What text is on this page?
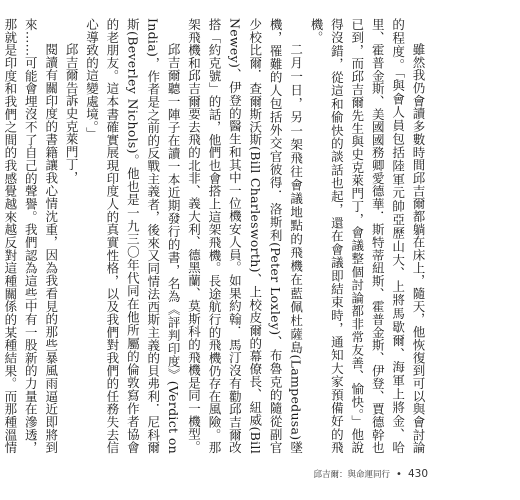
雖然我仍會讀多數時間邱吉爾都躺在床上，隨天，他恢復到可以與會討論的程度。「與會人員包括陸軍元帥亞歷山大、上將馬歇爾、海軍上將金、哈里、霍普金斯、美國國務卿愛德華．斯特蒂紐斯、霍普金斯、伊登、賈德幹也已到，而邱吉爾先生與史克萊門丁，會議整個討論都非常友善、愉快。」他說得沒錯，從這和偷快的談話也起，還在會議即結束時，通知大家預備好的飛機。

二月一日，另一架飛往會議地點的飛機在藍佩杜薩島(Lampedusa)墜機，罹難的人包括外交官彼得．洛斯利(Peter Loxley)、布魯克的隨從副官少校比爾．查爾斯沃斯(Bill Charlesworth)、上校皮爾的幕僚長、紐威(Bill Newey)、伊登的醫生和其中一位機安人員。如果約翰．馬汀沒有勸邱吉爾改搭「約克號」的話，他們也會搭上這架飛機。長途航行的飛機仍存在風險。那架飛機和邱吉爾要去飛的北非、義大利、德黑蘭、莫斯科的飛機是同一機型。

邱吉爾聽一陣子在讀一本近期發行的書，名為《評判印度》(Verdict on India)，作者是之前的反戰主義者，後來又同情法西斯主義的貝弗利．尼科爾斯(Beverley Nichols)。他也是一九三〇年代同在他所屬的倫敦寫作者協會的老朋友。這本書確實展現印度人的真實性格，以及我們對我們的任務失去信心導致的這變處境。」

邱吉爾告訴史克萊門丁，

閱讀有關印度的書籍讓我心情沈重，因為我看見的那些暴風雨逼近即將到來……可能會埋沒不了自己的聲譽。我們認為這些中有一股新的力量在滲透，那就是印度和我們之間的我感覺越來越反對這種關係的某種結果。而那種溫情

邱吉爾：與命運同行 • 430
